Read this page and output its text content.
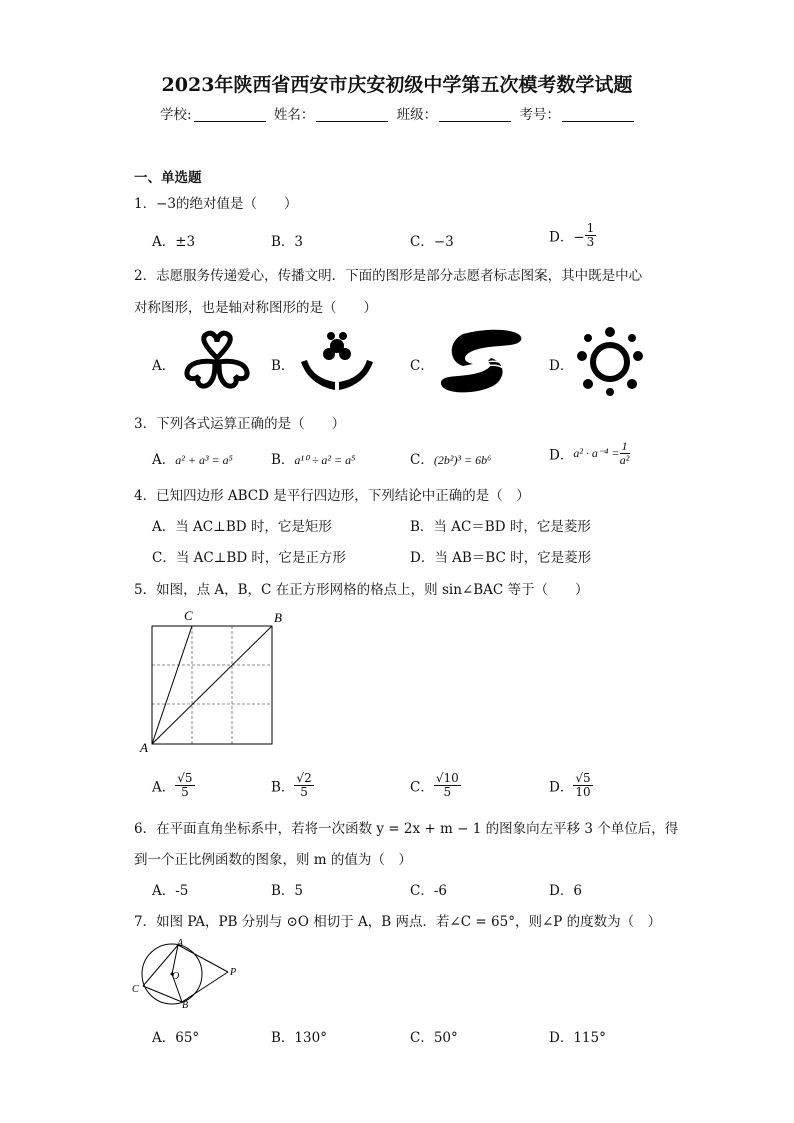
2023年陕西省西安市庆安初级中学第五次模考数学试题
学校:	姓名：	班级：	考号：
一、单选题
1．−3的绝对值是（　　）
A．±3	B．3	C．−3	D．− $\frac{1}{3}$
2．志愿服务传递爱心，传播文明．下面的图形是部分志愿者标志图案，其中既是中心
对称图形，也是轴对称图形的是（　　）
A．	B．	C．	D．
3．下列各式运算正确的是（　　）
A．a² + a³ = a⁵	B．a¹⁰ ÷ a² = a⁵	C．(2b²)³ = 6b⁶	D．$a^2 \cdot a^{-4} = \frac{1}{\text{a²}}$
4．已知四边形 ABCD 是平行四边形，下列结论中正确的是（　）
A．当 AC⊥BD 时，它是矩形	B．当 AC＝BD 时，它是菱形
C．当 AC⊥BD 时，它是正方形	D．当 AB＝BC 时，它是菱形
5．如图，点 A，B，C 在正方形网格的格点上，则 sin∠BAC 等于（　　）
A
C	B
A． $\frac{√5}{5}$	B． $\frac{√2}{5}$	C． $\frac{√10}{5}$	D． $\frac{√5}{10}$
6．在平面直角坐标系中，若将一次函数 y = 2x + m − 1 的图象向左平移 3 个单位后，得
到一个正比例函数的图象，则 m 的值为（　）
A．-5	B．5	C．-6	D．6
7．如图 PA，PB 分别与 ⊙O 相切于 A，B 两点．若∠C = 65°，则∠P 的度数为（　）
A
B
C
O	P
A．65°	B．130°	C．50°	D．115°
